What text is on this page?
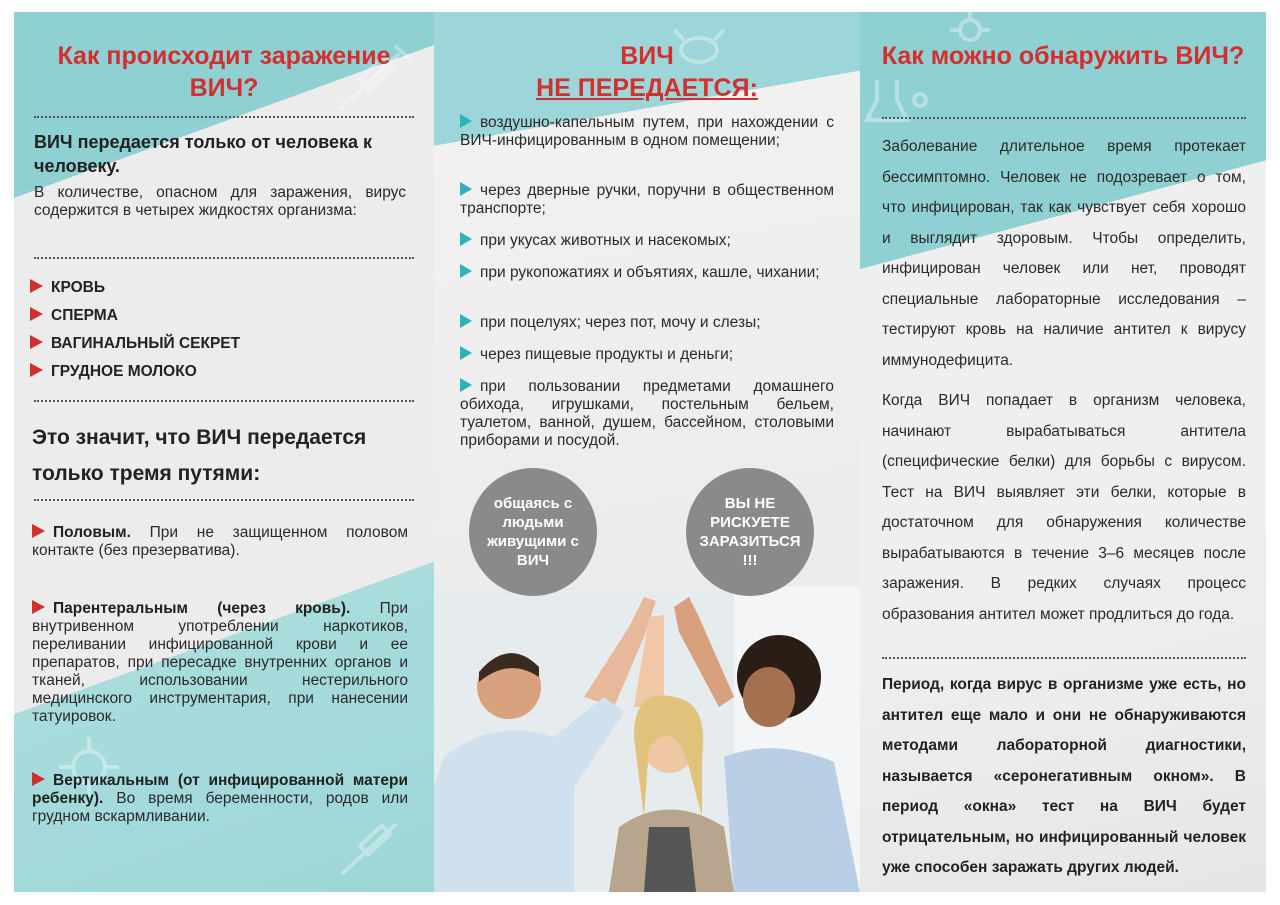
Как происходит заражение ВИЧ?

ВИЧ передается только от человека к человеку.
В количестве, опасном для заражения, вирус содержится в четырех жидкостях организма:
КРОВЬ
СПЕРМА
ВАГИНАЛЬНЫЙ СЕКРЕТ
ГРУДНОЕ МОЛОКО
Это значит, что ВИЧ передается только тремя путями:
Половым. При не защищенном половом контакте (без презерватива).
Парентеральным (через кровь). При внутривенном употреблении наркотиков, переливании инфицированной крови и ее препаратов, при пересадке внутренних органов и тканей, использовании нестерильного медицинского инструментария, при нанесении татуировок.
Вертикальным (от инфицированной матери ребенку). Во время беременности, родов или грудном вскармливании.
ВИЧ
НЕ ПЕРЕДАЕТСЯ:
воздушно-капельным путем, при нахождении с ВИЧ-инфицированным в одном помещении;
через дверные ручки, поручни в общественном транспорте;
при укусах животных и насекомых;
при рукопожатиях и объятиях, кашле, чихании;
при поцелуях; через пот, мочу и слезы;
через пищевые продукты и деньги;
при пользовании предметами домашнего обихода, игрушками, постельным бельем, туалетом, ванной, душем, бассейном, столовыми приборами и посудой.
общаясь с людьми живущими с ВИЧ
ВЫ НЕ РИСКУЕТЕ ЗАРАЗИТЬСЯ !!!

Как можно обнаружить ВИЧ?

Заболевание длительное время протекает бессимптомно. Человек не подозревает о том, что инфицирован, так как чувствует себя хорошо и выглядит здоровым. Чтобы определить, инфицирован человек или нет, проводят специальные лабораторные исследования – тестируют кровь на наличие антител к вирусу иммунодефицита.
Когда ВИЧ попадает в организм человека, начинают вырабатываться антитела (специфические белки) для борьбы с вирусом. Тест на ВИЧ выявляет эти белки, которые в достаточном для обнаружения количестве вырабатываются в течение 3–6 месяцев после заражения. В редких случаях процесс образования антител может продлиться до года.
Период, когда вирус в организме уже есть, но антител еще мало и они не обнаруживаются методами лабораторной диагностики, называется «серонегативным окном». В период «окна» тест на ВИЧ будет отрицательным, но инфицированный человек уже способен заражать других людей.
